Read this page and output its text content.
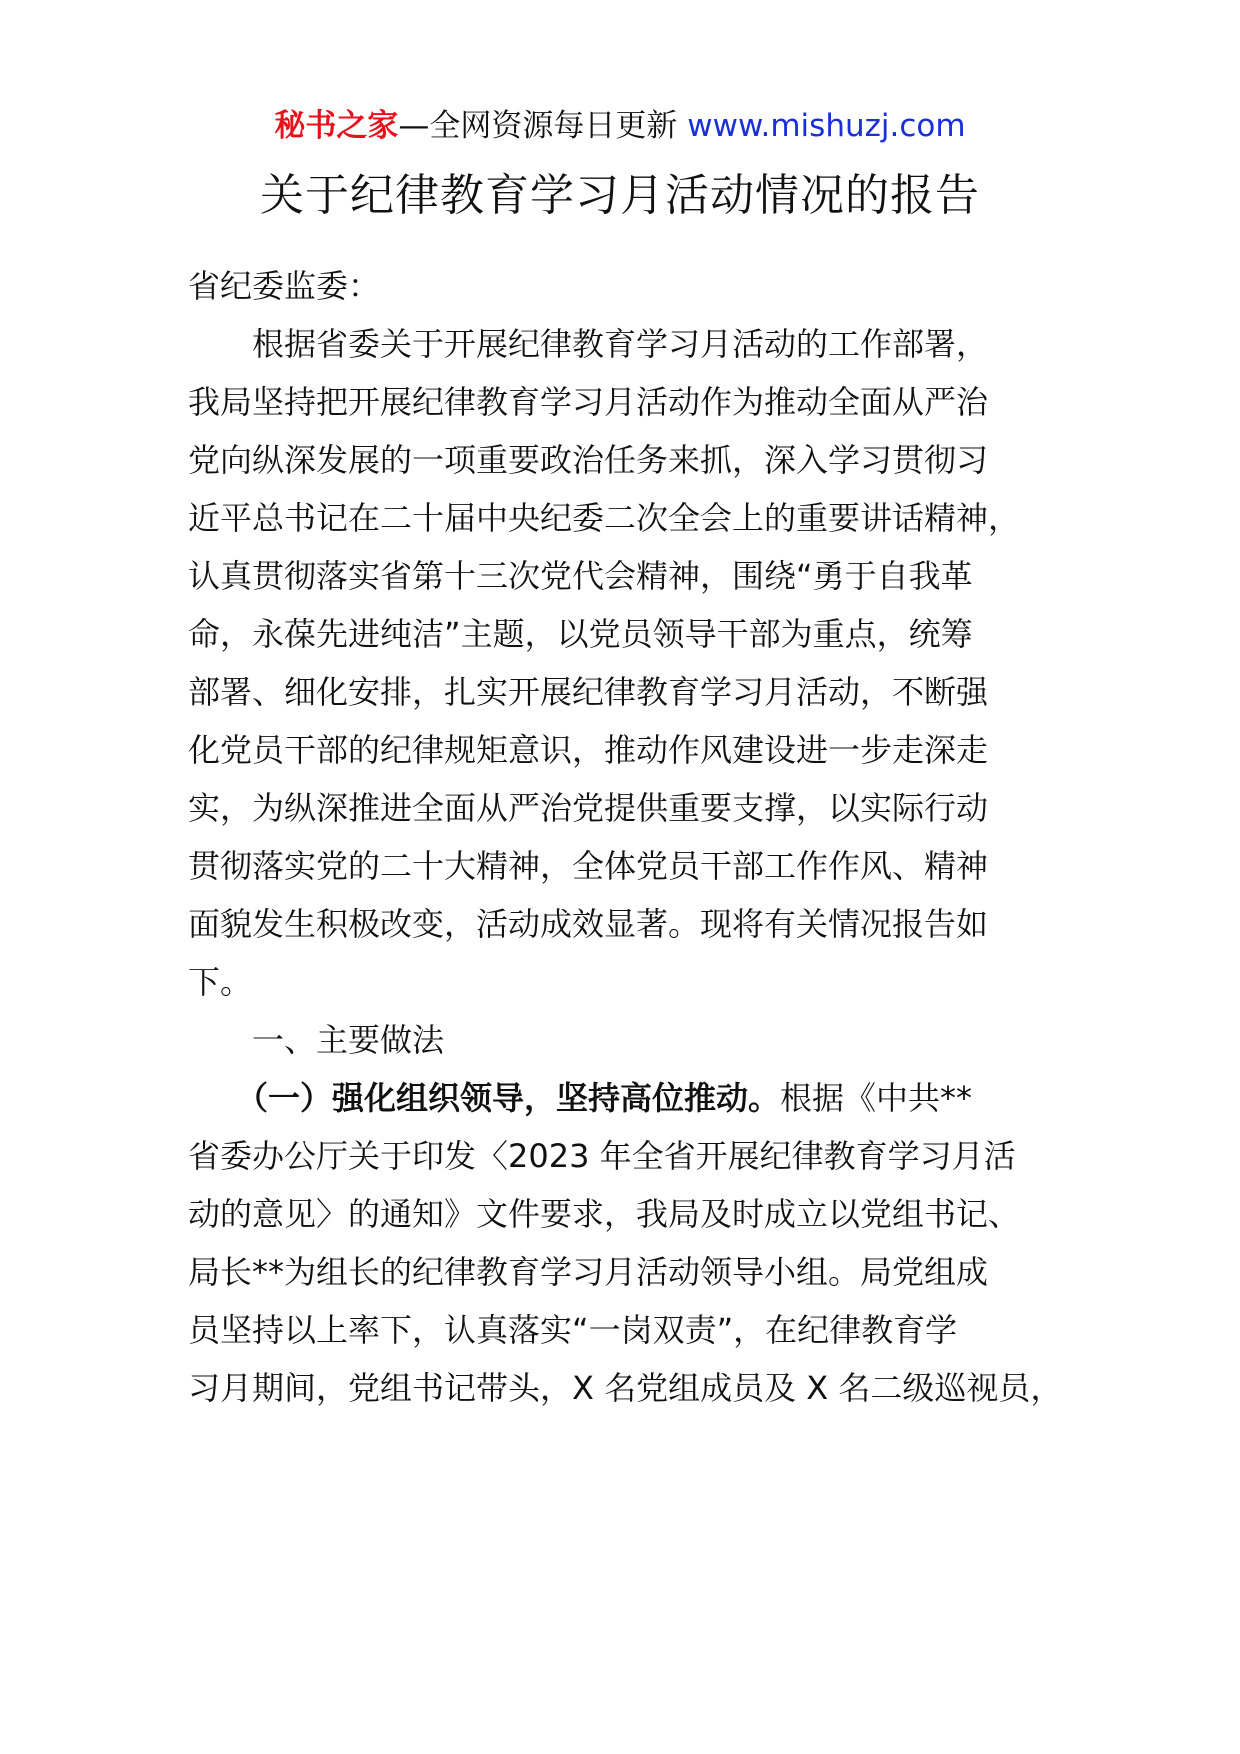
秘书之家—全网资源每日更新 www.mishuzj.com
关于纪律教育学习月活动情况的报告
省纪委监委：
　　根据省委关于开展纪律教育学习月活动的工作部署，
我局坚持把开展纪律教育学习月活动作为推动全面从严治
党向纵深发展的一项重要政治任务来抓，深入学习贯彻习
近平总书记在二十届中央纪委二次全会上的重要讲话精神，
认真贯彻落实省第十三次党代会精神，围绕“勇于自我革
命，永葆先进纯洁”主题，以党员领导干部为重点，统筹
部署、细化安排，扎实开展纪律教育学习月活动，不断强
化党员干部的纪律规矩意识，推动作风建设进一步走深走
实，为纵深推进全面从严治党提供重要支撑，以实际行动
贯彻落实党的二十大精神，全体党员干部工作作风、精神
面貌发生积极改变，活动成效显著。现将有关情况报告如
下。
　　一、主要做法
　　（一）强化组织领导，坚持高位推动。根据《中共**
省委办公厅关于印发〈2023 年全省开展纪律教育学习月活
动的意见〉的通知》文件要求，我局及时成立以党组书记、
局长**为组长的纪律教育学习月活动领导小组。局党组成
员坚持以上率下，认真落实“一岗双责”，在纪律教育学
习月期间，党组书记带头，X 名党组成员及 X 名二级巡视员，
